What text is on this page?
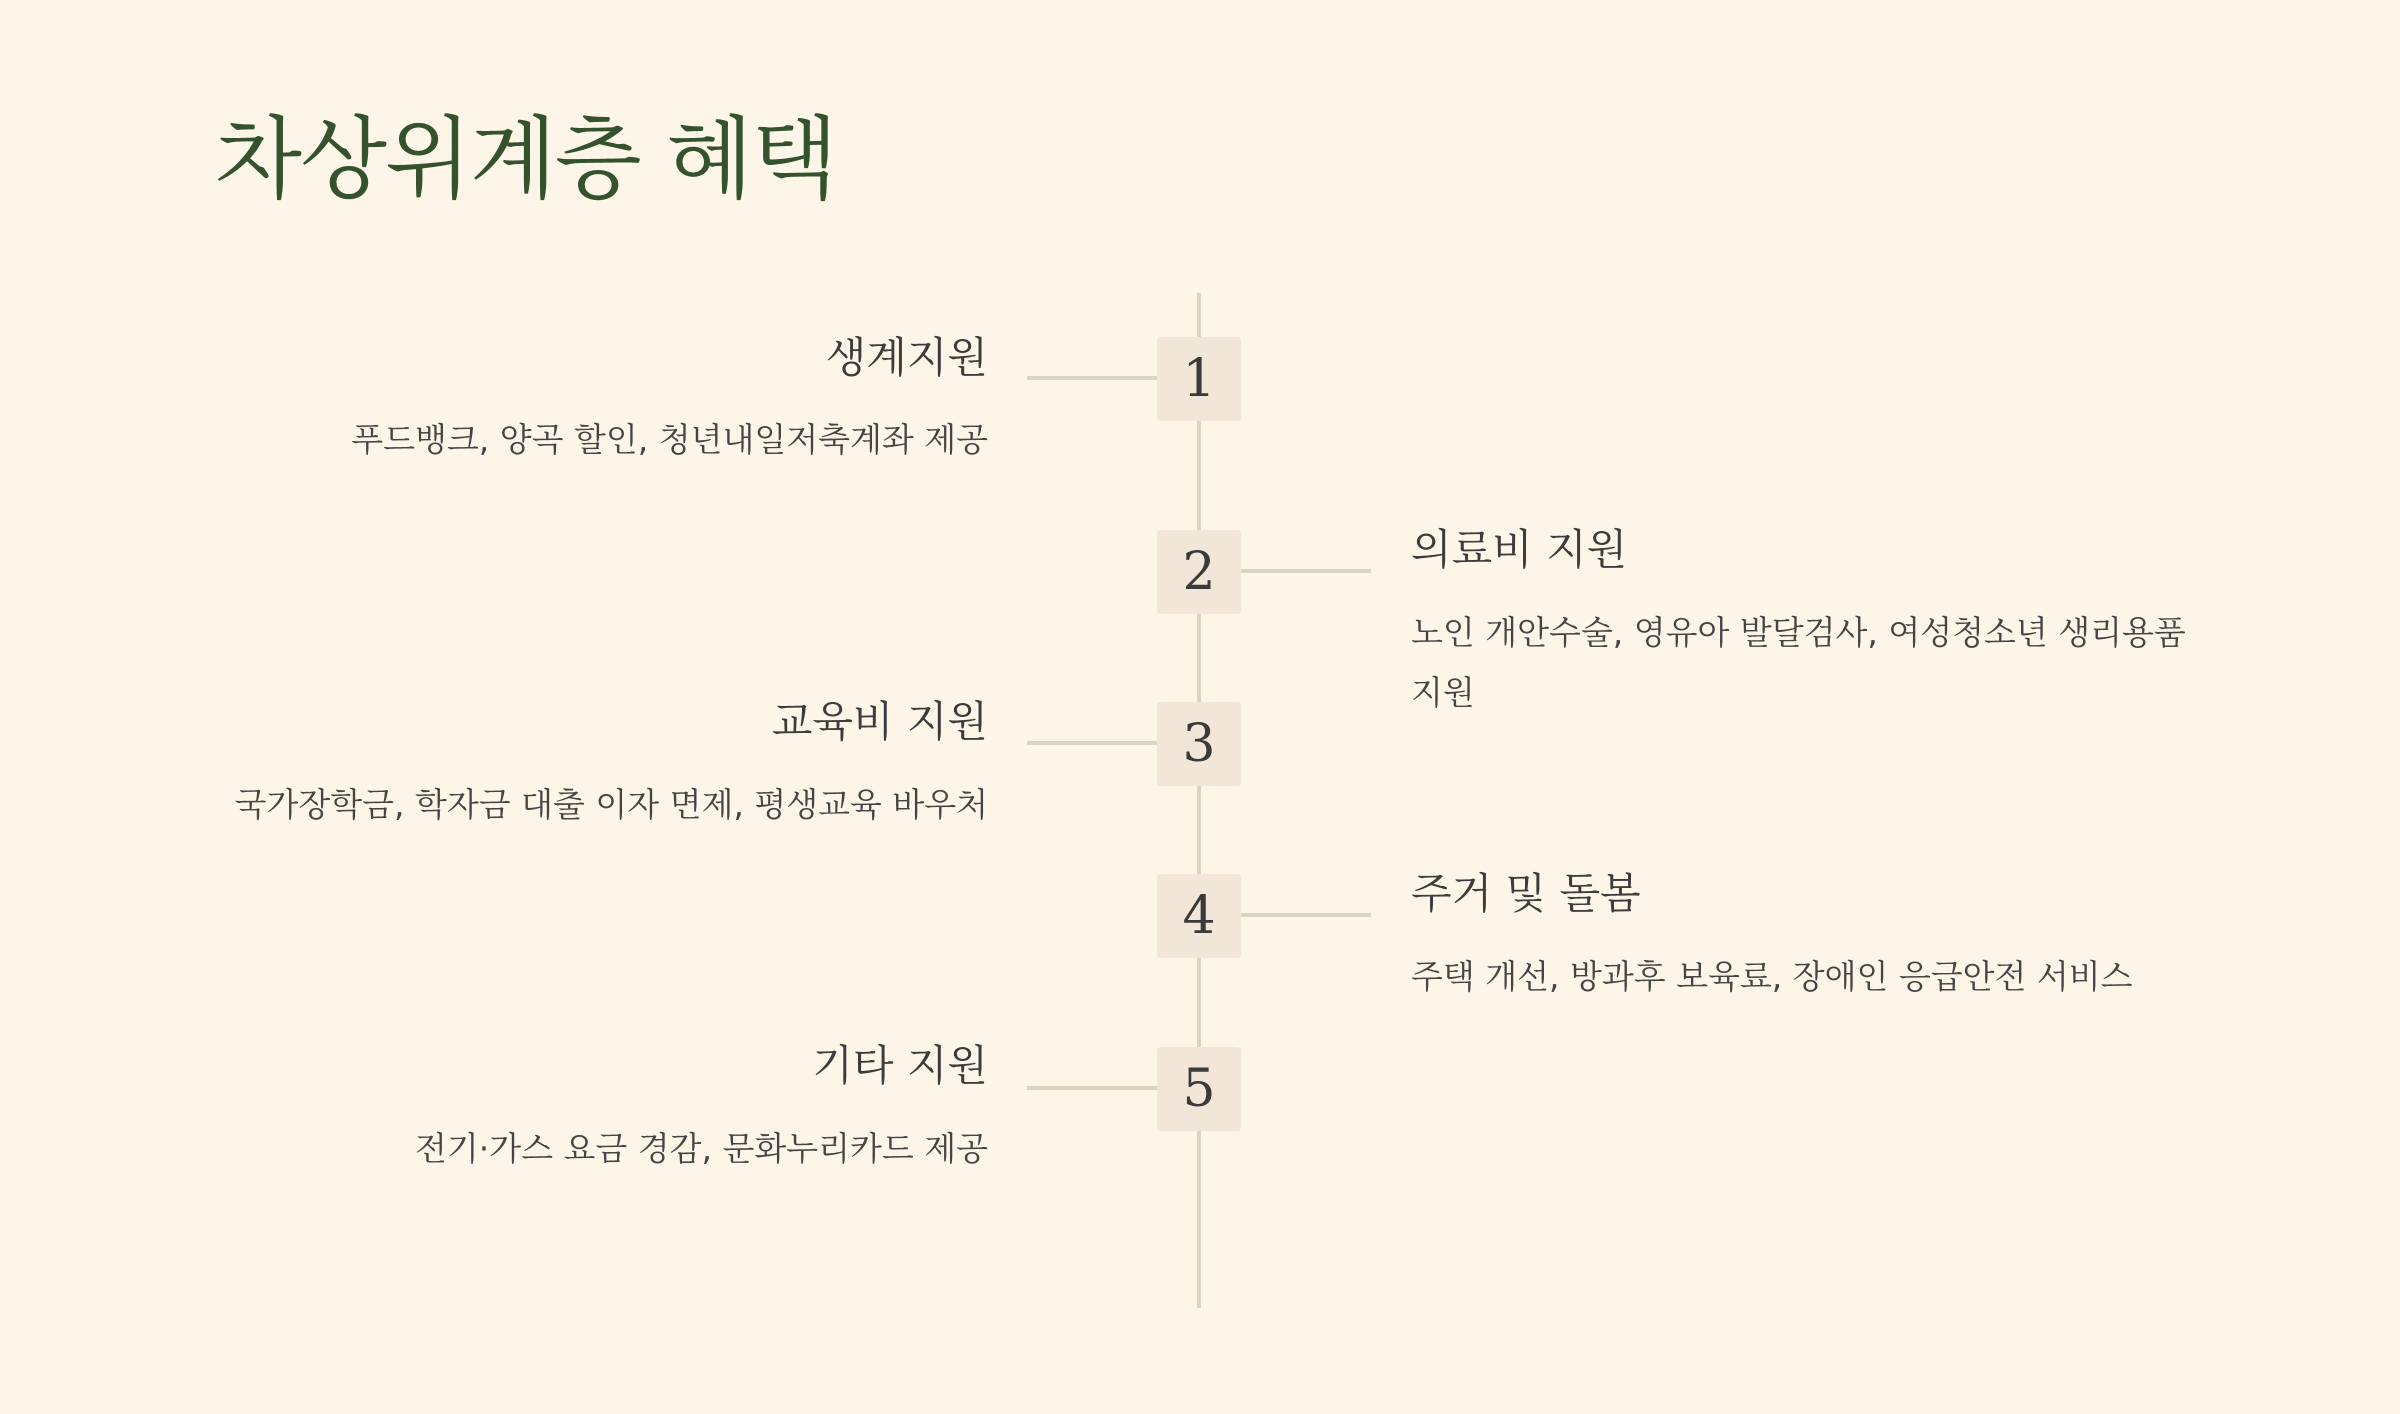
차상위계층 혜택
1
생계지원

푸드뱅크, 양곡 할인, 청년내일저축계좌 제공

2	의료비 지원

노인 개안수술, 영유아 발달검사, 여성청소년 생리용품 지원

3
교육비 지원

국가장학금, 학자금 대출 이자 면제, 평생교육 바우처

4	주거 및 돌봄

주택 개선, 방과후 보육료, 장애인 응급안전 서비스

5
기타 지원

전기·가스 요금 경감, 문화누리카드 제공
